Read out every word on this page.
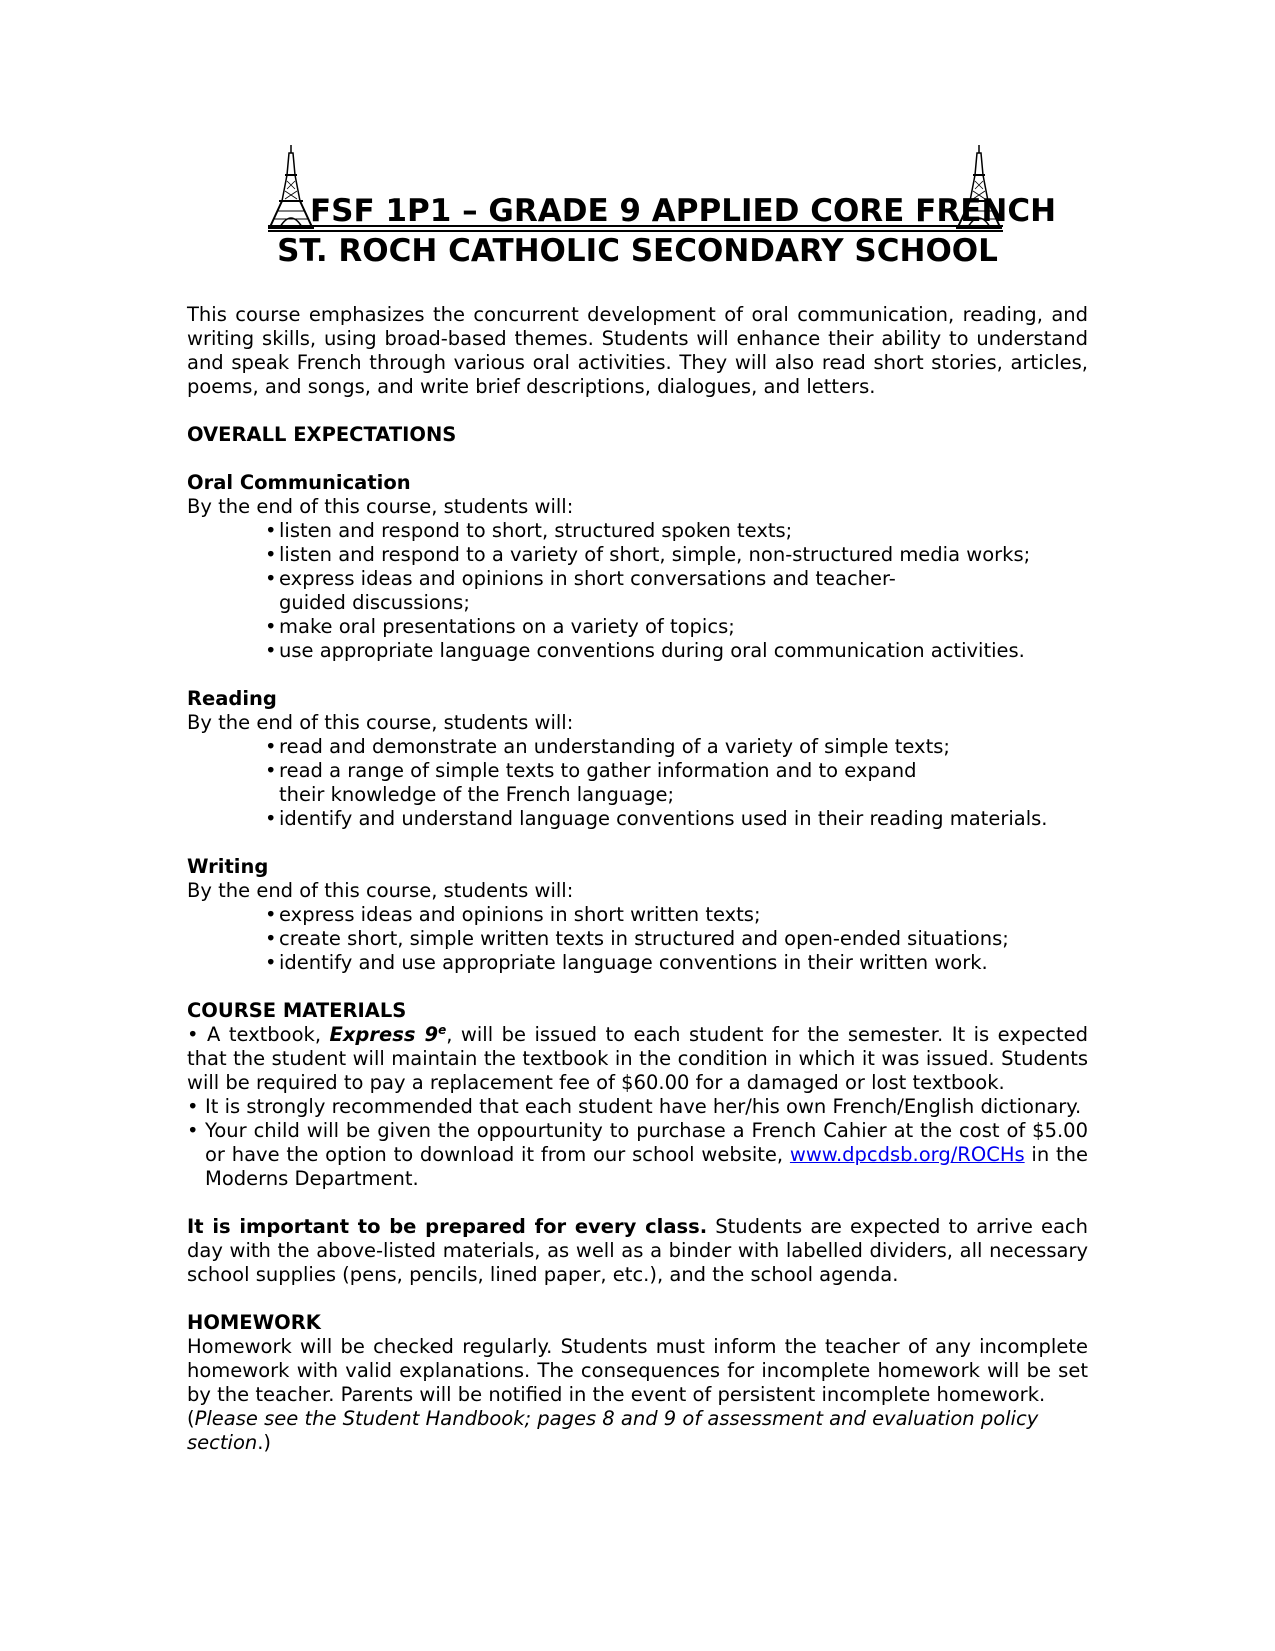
FSF 1P1 – GRADE 9 APPLIED CORE FRENCH
ST. ROCH CATHOLIC SECONDARY SCHOOL

This course emphasizes the concurrent development of oral communication, reading, and writing skills, using broad-based themes. Students will enhance their ability to understand and speak French through various oral activities. They will also read short stories, articles, poems, and songs, and write brief descriptions, dialogues, and letters.

OVERALL EXPECTATIONS

Oral Communication

By the end of this course, students will:

• listen and respond to short, structured spoken texts;
• listen and respond to a variety of short, simple, non-structured media works;
• express ideas and opinions in short conversations and teacher-guided discussions;
• make oral presentations on a variety of topics;
• use appropriate language conventions during oral communication activities.

Reading

By the end of this course, students will:

• read and demonstrate an understanding of a variety of simple texts;
• read a range of simple texts to gather information and to expand their knowledge of the French language;
• identify and understand language conventions used in their reading materials.

Writing

By the end of this course, students will:

• express ideas and opinions in short written texts;
• create short, simple written texts in structured and open-ended situations;
• identify and use appropriate language conventions in their written work.

COURSE MATERIALS

• A textbook, Express 9e, will be issued to each student for the semester. It is expected that the student will maintain the textbook in the condition in which it was issued. Students will be required to pay a replacement fee of $60.00 for a damaged or lost textbook.

• It is strongly recommended that each student have her/his own French/English dictionary.

• Your child will be given the oppourtunity to purchase a French Cahier at the cost of $5.00 or have the option to download it from our school website, www.dpcdsb.org/ROCHs in the Moderns Department.

It is important to be prepared for every class. Students are expected to arrive each day with the above-listed materials, as well as a binder with labelled dividers, all necessary school supplies (pens, pencils, lined paper, etc.), and the school agenda.

HOMEWORK

Homework will be checked regularly. Students must inform the teacher of any incomplete homework with valid explanations. The consequences for incomplete homework will be set by the teacher. Parents will be notified in the event of persistent incomplete homework.

(Please see the Student Handbook; pages 8 and 9 of assessment and evaluation policy section.)
